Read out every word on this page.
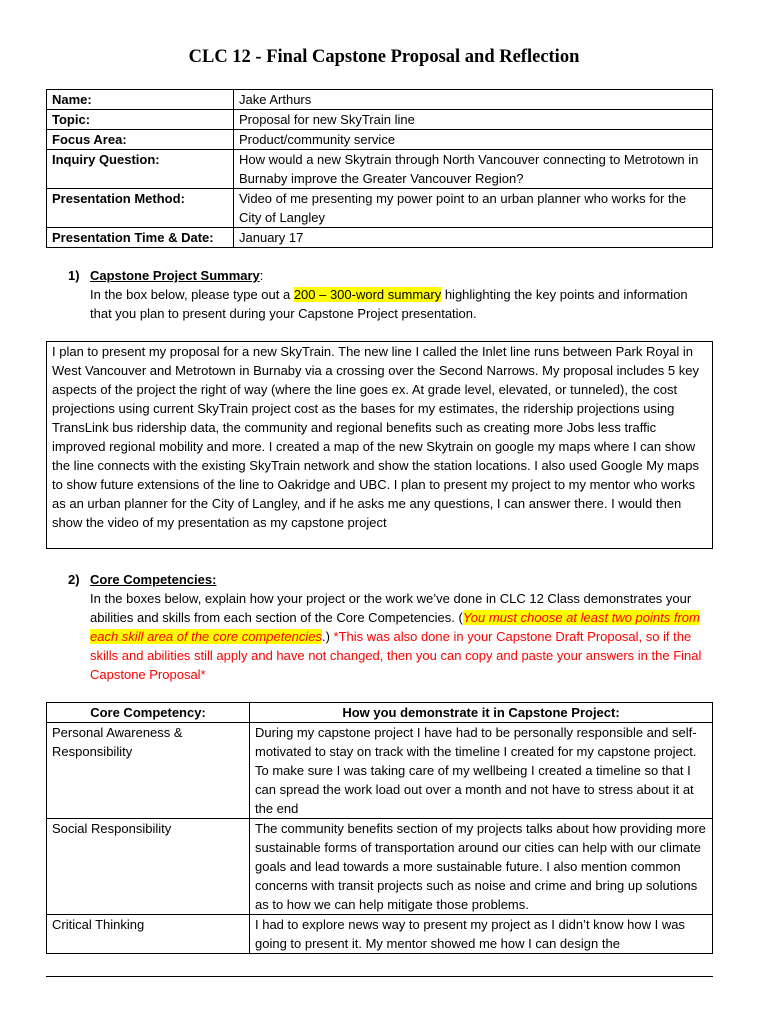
CLC 12 - Final Capstone Proposal and Reflection
Name:	Jake Arthurs
Topic:	Proposal for new SkyTrain line
Focus Area:	Product/community service
Inquiry Question:	How would a new Skytrain through North Vancouver connecting to Metrotown in Burnaby improve the Greater Vancouver Region?
Presentation Method:	Video of me presenting my power point to an urban planner who works for the City of Langley
Presentation Time & Date:	January 17
1) Capstone Project Summary:
In the box below, please type out a 200 – 300-word summary highlighting the key points and information that you plan to present during your Capstone Project presentation.
I plan to present my proposal for a new SkyTrain. The new line I called the Inlet line runs between Park Royal in West Vancouver and Metrotown in Burnaby via a crossing over the Second Narrows. My proposal includes 5 key aspects of the project the right of way (where the line goes ex. At grade level, elevated, or tunneled), the cost projections using current SkyTrain project cost as the bases for my estimates, the ridership projections using TransLink bus ridership data, the community and regional benefits such as creating more Jobs less traffic improved regional mobility and more. I created a map of the new Skytrain on google my maps where I can show the line connects with the existing SkyTrain network and show the station locations. I also used Google My maps to show future extensions of the line to Oakridge and UBC. I plan to present my project to my mentor who works as an urban planner for the City of Langley, and if he asks me any questions, I can answer there. I would then show the video of my presentation as my capstone project
2) Core Competencies:
In the boxes below, explain how your project or the work we’ve done in CLC 12 Class demonstrates your abilities and skills from each section of the Core Competencies. (You must choose at least two points from each skill area of the core competencies.) *This was also done in your Capstone Draft Proposal, so if the skills and abilities still apply and have not changed, then you can copy and paste your answers in the Final Capstone Proposal*
Core Competency:	How you demonstrate it in Capstone Project:
Personal Awareness & Responsibility	During my capstone project I have had to be personally responsible and self-motivated to stay on track with the timeline I created for my capstone project. To make sure I was taking care of my wellbeing I created a timeline so that I can spread the work load out over a month and not have to stress about it at the end
Social Responsibility	The community benefits section of my projects talks about how providing more sustainable forms of transportation around our cities can help with our climate goals and lead towards a more sustainable future. I also mention common concerns with transit projects such as noise and crime and bring up solutions as to how we can help mitigate those problems.
Critical Thinking	I had to explore news way to present my project as I didn’t know how I was going to present it. My mentor showed me how I can design the
